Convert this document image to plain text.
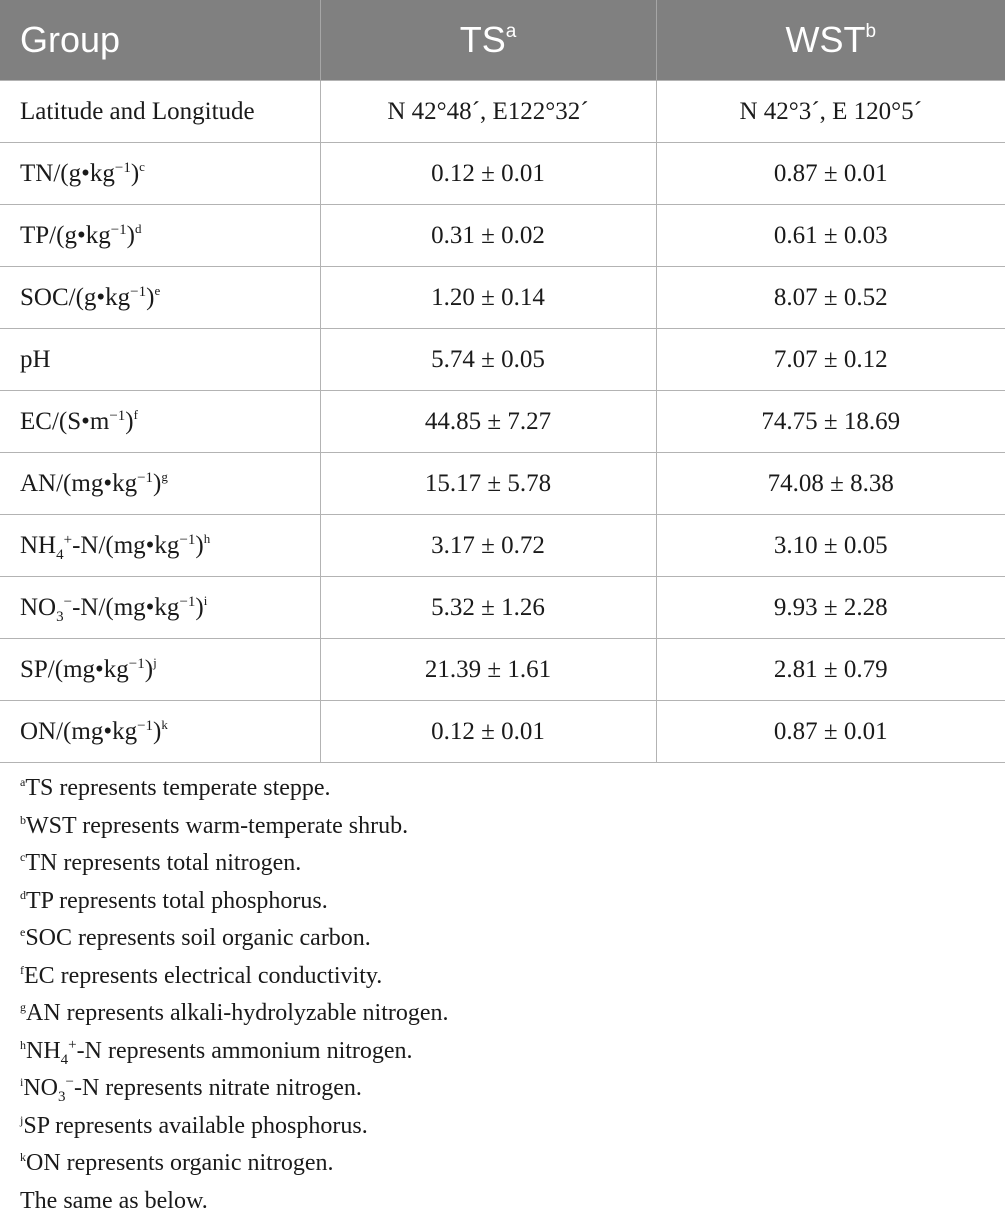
Group	$TS^a$	WST$^b$
Latitude and Longitude	N 42°48´, E122°32´	N 42°3´, E 120°5´
$TN/(g•kg^{-1})^c$	0.12 ± 0.01	0.87 ± 0.01
$TP/(g•kg^{-1})^d$	0.31 ± 0.02	0.61 ± 0.03
SOC/$(g•kg^{-1})^e$	1.20 ± 0.14	8.07 ± 0.52
pH	5.74 ± 0.05	7.07 ± 0.12
$EC/(S•m^{-1})^f$	44.85 ± 7.27	74.75 ± 18.69
$AN/(mg•kg^{-1})^g$	15.17 ± 5.78	74.08 ± 8.38
$NH_4^+-N/(mg•kg^{-1})^h$	3.17 ± 0.72	3.10 ± 0.05
$NO_3^--N/(mg•kg^{-1})^i$	5.32 ± 1.26	9.93 ± 2.28
$SP/(mg•kg^{-1})^j$	21.39 ± 1.61	2.81 ± 0.79
$ON/(mg•kg^{-1})^k$	0.12 ± 0.01	0.87 ± 0.01
$^a$TS represents temperate steppe.
$^b$WST represents warm-temperate shrub.
$^c$TN represents total nitrogen.
$^d$TP represents total phosphorus.
$^e$SOC represents soil organic carbon.
$^f$EC represents electrical conductivity.
$^g$AN represents alkali-hydrolyzable nitrogen.
$^hNH_4^+-N$ represents ammonium nitrogen.
$^iNO_3^--N$ represents nitrate nitrogen.
$^j$SP represents available phosphorus.
$^k$ON represents organic nitrogen.
The same as below.
